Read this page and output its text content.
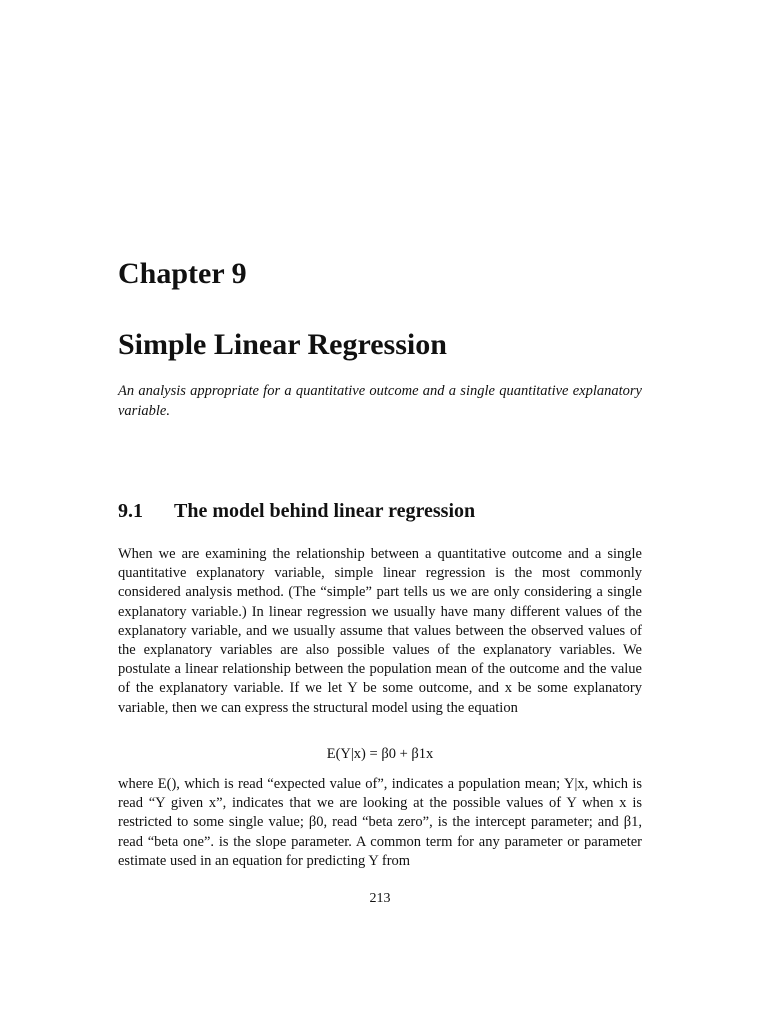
Chapter 9
Simple Linear Regression

An analysis appropriate for a quantitative outcome and a single quantitative explanatory variable.

9.1 The model behind linear regression

When we are examining the relationship between a quantitative outcome and a single quantitative explanatory variable, simple linear regression is the most commonly considered analysis method. (The “simple” part tells us we are only considering a single explanatory variable.) In linear regression we usually have many different values of the explanatory variable, and we usually assume that values between the observed values of the explanatory variables are also possible values of the explanatory variables. We postulate a linear relationship between the population mean of the outcome and the value of the explanatory variable. If we let Y be some outcome, and x be some explanatory variable, then we can express the structural model using the equation

E(Y|x) = β0 + β1x

where E(), which is read “expected value of”, indicates a population mean; Y|x, which is read “Y given x”, indicates that we are looking at the possible values of Y when x is restricted to some single value; β0, read “beta zero”, is the intercept parameter; and β1, read “beta one”. is the slope parameter. A common term for any parameter or parameter estimate used in an equation for predicting Y from

213
